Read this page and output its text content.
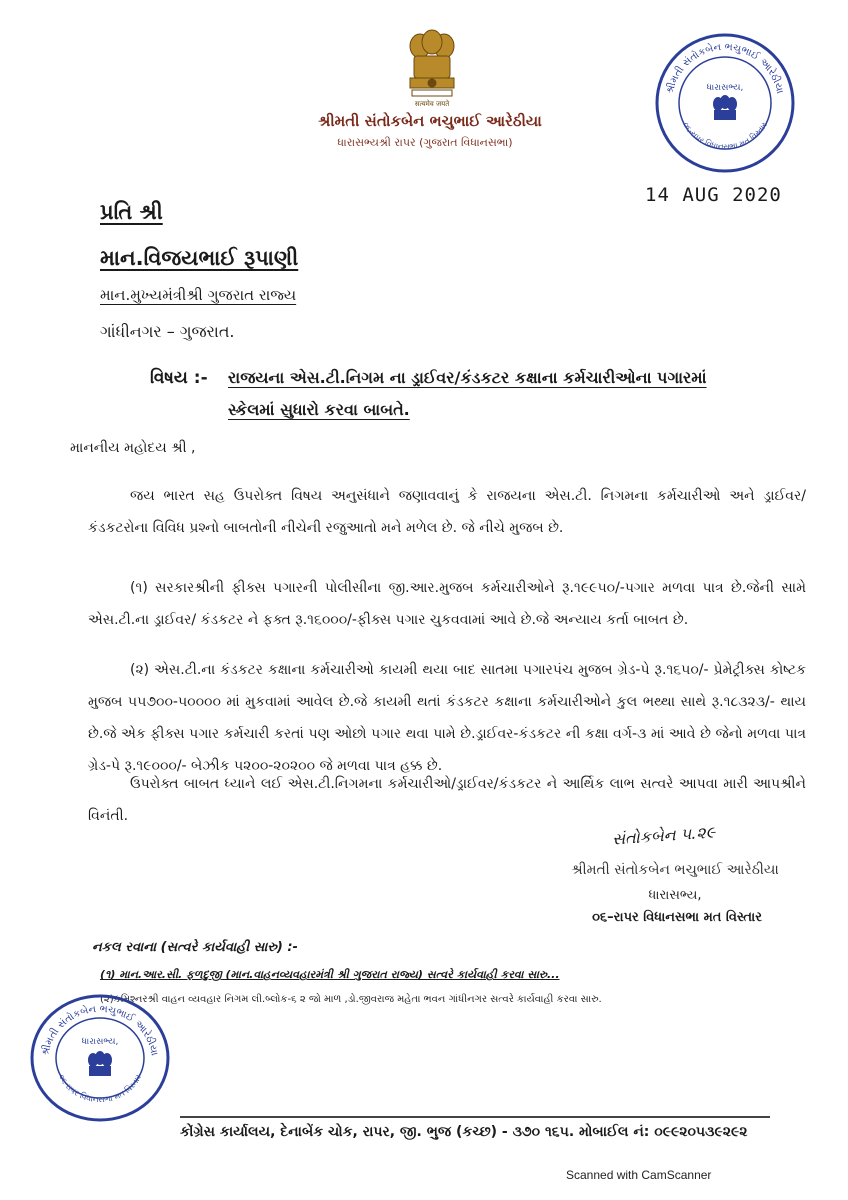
सत्यमेव जयते
શ્રીમતી સંતોકબેન ભચુભાઈ આરેઠીયા
ધારાસભ્યશ્રી રાપર (ગુજરાત વિધાનસભા)
શ્રીમતી સંતોકબેન ભચુભાઈ આરેઠીયા
૦૬-રાપર વિધાનસભા મત વિસ્તાર
ધારાસભ્ય,
14 AUG 2020
પ્રતિ શ્રી
માન.વિજયભાઈ રૂપાણી
માન.મુખ્યમંત્રીશ્રી ગુજરાત રાજ્ય
ગાંધીનગર – ગુજરાત.
વિષય :- રાજયના એસ.ટી.નિગમ ના ડ્રાઈવર/કંડકટર કક્ષાના કર્મચારીઓના પગારમાં
સ્કેલમાં સુધારો કરવા બાબતે.
માનનીય મહોદય શ્રી ,
જય ભારત સહ ઉપરોક્ત વિષય અનુસંધાને જણાવવાનું કે રાજયના એસ.ટી. નિગમના કર્મચારીઓ અને ડ્રાઈવર/કંડકટરોના વિવિધ પ્રશ્નો બાબતોની નીચેની રજુઆતો મને મળેલ છે. જે નીચે મુજબ છે.
(૧) સરકારશ્રીની ફીક્સ પગારની પોલીસીના જી.આર.મુજબ કર્મચારીઓને રૂ.૧૯૯૫૦/-પગાર મળવા પાત્ર છે.જેની સામે એસ.ટી.ના ડ્રાઈવર/ કંડકટર ને ફક્ત રૂ.૧૬૦૦૦/-ફીક્સ પગાર ચુકવવામાં આવે છે.જે અન્યાય કર્તા બાબત છે.
(૨) એસ.ટી.ના કંડકટર કક્ષાના કર્મચારીઓ કાયમી થયા બાદ સાતમા પગારપંચ મુજબ ગ્રેડ-પે રૂ.૧૬૫૦/- પ્રેમેટ્રીક્સ કોષ્ટક મુજબ ૫૫૭૦૦-૫૦૦૦૦ માં મુકવામાં આવેલ છે.જે કાયમી થતાં કંડકટર કક્ષાના કર્મચારીઓને કુલ ભથ્થા સાથે રૂ.૧૮૩૨૩/- થાય છે.જે એક ફીક્સ પગાર કર્મચારી કરતાં પણ ઓછો પગાર થવા પામે છે.ડ્રાઈવર-કંડકટર ની કક્ષા વર્ગ-૩ માં આવે છે જેનો મળવા પાત્ર ગ્રેડ-પે રૂ.૧૯૦૦૦/- બેઝીક ૫૨૦૦-૨૦૨૦૦ જે મળવા પાત્ર હક્ક છે.
ઉપરોક્ત બાબત ધ્યાને લઈ એસ.ટી.નિગમના કર્મચારીઓ/ડ્રાઈવર/કંડકટર ને આર્થિક લાભ સત્વરે આપવા મારી આપશ્રીને વિનંતી.
સંતોકબેન ૫.૨૯
શ્રીમતી સંતોકબેન ભચુભાઈ આરેઠીયા
ધારાસભ્ય,
૦૬–રાપર વિધાનસભા મત વિસ્તાર
નકલ રવાના (સત્વરે કાર્યવાહી સારુ) :-
(૧) માન.આર.સી. ફળદુ઼જી (માન.વાહનવ્યવહારમંત્રી શ્રી ગુજરાત રાજ્ય) સત્વરે કાર્યવાહી કરવા સારુ...
(૨)કમિશ્નરશ્રી વાહન વ્યવહાર નિગમ લી.બ્લોક-૬ ૨ જો માળ ,ડો.જીવરાજ મહેતા ભવન ગાંધીનગર સત્વરે કાર્યવાહી કરવા સારુ.
શ્રીમતી સંતોકબેન ભચુભાઈ આરેઠીયા
૦૬-રાપર વિધાનસભા મત વિસ્તાર
ધારાસભ્ય,
કોંગ્રેસ કાર્યાલય, દેનાબેંક ચોક, રાપર, જી. ભુજ (કચ્છ) - ૩૭૦ ૧૬૫. મોબાઈલ નં: ૦૯૯૨૦૫૩૯૨૯૨
Scanned with CamScanner
